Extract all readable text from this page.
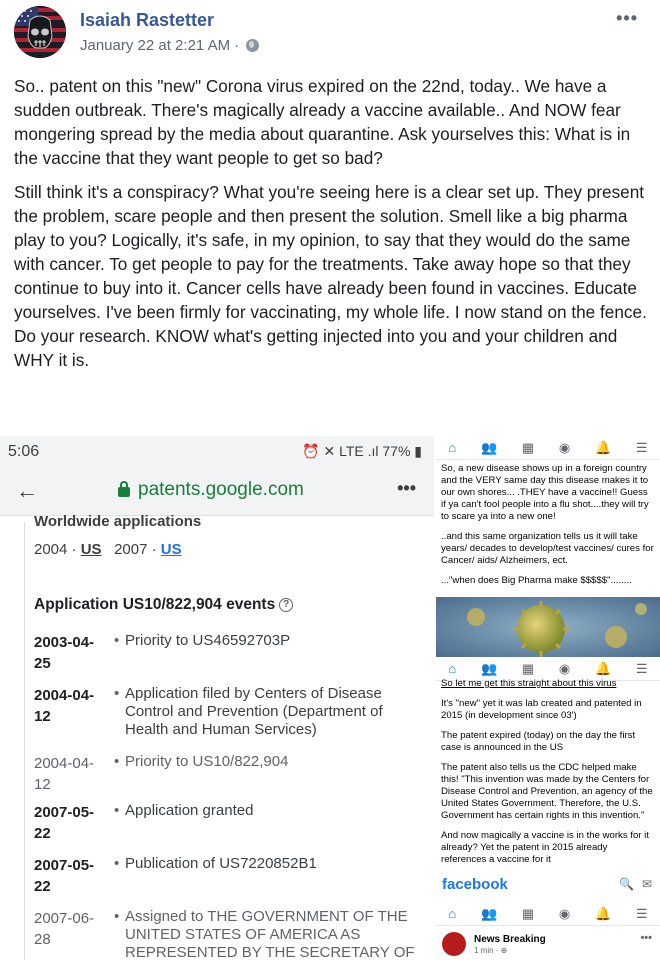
Isaiah Rastetter
January 22 at 2:21 AM ·
•••

So.. patent on this "new" Corona virus expired on the 22nd, today.. We have a sudden outbreak. There's magically already a vaccine available.. And NOW fear mongering spread by the media about quarantine. Ask yourselves this: What is in the vaccine that they want people to get so bad?

Still think it's a conspiracy? What you're seeing here is a clear set up. They present the problem, scare people and then present the solution. Smell like a big pharma play to you? Logically, it's safe, in my opinion, to say that they would do the same with cancer. To get people to pay for the treatments. Take away hope so that they continue to buy into it. Cancer cells have already been found in vaccines. Educate yourselves. I've been firmly for vaccinating, my whole life. I now stand on the fence. Do your research. KNOW what's getting injected into you and your children and WHY it is.

5:06	⏰ ✕ LTE .ıl 77% ▮
←	patents.google.com	•••
Worldwide applications
2004 · US 2007 · US
Application US10/822,904 events ?
2003-04-25
• Priority to US46592703P
2004-04-12
• Application filed by Centers of Disease Control and Prevention (Department of Health and Human Services)
2004-04-12
• Priority to US10/822,904
2007-05-22
• Application granted
2007-05-22
• Publication of US7220852B1
2007-06-28
• Assigned to THE GOVERNMENT OF THE UNITED STATES OF AMERICA AS REPRESENTED BY THE SECRETARY OF
⌂ 👥 ▦ ◉ 🔔 ☰

So, a new disease shows up in a foreign country and the VERY same day this disease makes it to our own shores... .THEY have a vaccine!! Guess if ya can't fool people into a flu shot....they will try to scare ya into a new one!

..and this same organization tells us it will take years/ decades to develop/test vaccines/ cures for Cancer/ aids/ Alzheimers, ect.

..."when does Big Pharma make $$$$$"........

⌂ 👥 ▦ ◉ 🔔 ☰

So let me get this straight about this virus

It's "new" yet it was lab created and patented in 2015 (in development since 03')

The patent expired (today) on the day the first case is announced in the US

The patent also tells us the CDC helped make this! "This invention was made by the Centers for Disease Control and Prevention, an agency of the United States Government. Therefore, the U.S. Government has certain rights in this invention."

And now magically a vaccine is in the works for it already? Yet the patent in 2015 already references a vaccine for it

facebook	🔍 ✉
⌂ 👥 ▦ ◉ 🔔 ☰
News Breaking
1 min · ⊕
•••
